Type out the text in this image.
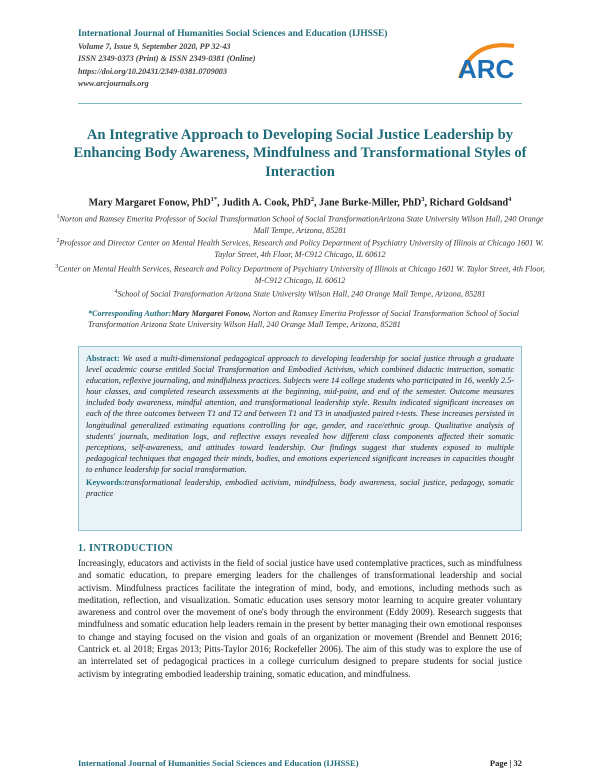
International Journal of Humanities Social Sciences and Education (IJHSSE)
Volume 7, Issue 9, September 2020, PP 32-43
ISSN 2349-0373 (Print) & ISSN 2349-0381 (Online)
https://doi.org/10.20431/2349-0381.0709003
www.arcjournals.org	ARC
An Integrative Approach to Developing Social Justice Leadership by Enhancing Body Awareness, Mindfulness and Transformational Styles of Interaction
Mary Margaret Fonow, PhD$^{1*}$, Judith A. Cook, PhD$^2$, Jane Burke-Miller, PhD$^3$, Richard Goldsand$^4$
$^1$Norton and Ramsey Emerita Professor of Social Transformation School of Social TransformationArizona State University Wilson Hall, 240 Orange Mall Tempe, Arizona, 85281
$^2$Professor and Director Center on Mental Health Services, Research and Policy Department of Psychiatry University of Illinois at Chicago 1601 W. Taylor Street, 4th Floor, M-C912 Chicago, IL 60612
$^3$Center on Mental Health Services, Research and Policy Department of Psychiatry University of Illinois at Chicago 1601 W. Taylor Street, 4th Floor, M-C912 Chicago, IL 60612
$^4$School of Social Transformation Arizona State University Wilson Hall, 240 Orange Mall Tempe, Arizona, 85281
*Corresponding Author:Mary Margaret Fonow, Norton and Ramsey Emerita Professor of Social Transformation School of Social Transformation Arizona State University Wilson Hall, 240 Orange Mall Tempe, Arizona, 85281

Abstract: We used a multi-dimensional pedagogical approach to developing leadership for social justice through a graduate level academic course entitled Social Transformation and Embodied Activism, which combined didactic instruction, somatic education, reflexive journaling, and mindfulness practices. Subjects were 14 college students who participated in 16, weekly 2.5-hour classes, and completed research assessments at the beginning, mid-point, and end of the semester. Outcome measures included body awareness, mindful attention, and transformational leadership style. Results indicated significant increases on each of the three outcomes between T1 and T2 and between T1 and T3 in unadjusted paired t-tests. These increases persisted in longitudinal generalized estimating equations controlling for age, gender, and race/ethnic group. Qualitative analysis of students' journals, meditation logs, and reflective essays revealed how different class components affected their somatic perceptions, self-awareness, and attitudes toward leadership. Our findings suggest that students exposed to multiple pedagogical techniques that engaged their minds, bodies, and emotions experienced significant increases in capacities thought to enhance leadership for social transformation.

Keywords:transformational leadership, embodied activism, mindfulness, body awareness, social justice, pedagogy, somatic practice

1. INTRODUCTION
Increasingly, educators and activists in the field of social justice have used contemplative practices, such as mindfulness and somatic education, to prepare emerging leaders for the challenges of transformational leadership and social activism. Mindfulness practices facilitate the integration of mind, body, and emotions, including methods such as meditation, reflection, and visualization. Somatic education uses sensory motor learning to acquire greater voluntary awareness and control over the movement of one's body through the environment (Eddy 2009). Research suggests that mindfulness and somatic education help leaders remain in the present by better managing their own emotional responses to change and staying focused on the vision and goals of an organization or movement (Brendel and Bennett 2016; Cantrick et. al 2018; Ergas 2013; Pitts-Taylor 2016; Rockefeller 2006). The aim of this study was to explore the use of an interrelated set of pedagogical practices in a college curriculum designed to prepare students for social justice activism by integrating embodied leadership training, somatic education, and mindfulness.
International Journal of Humanities Social Sciences and Education (IJHSSE)	Page | 32
